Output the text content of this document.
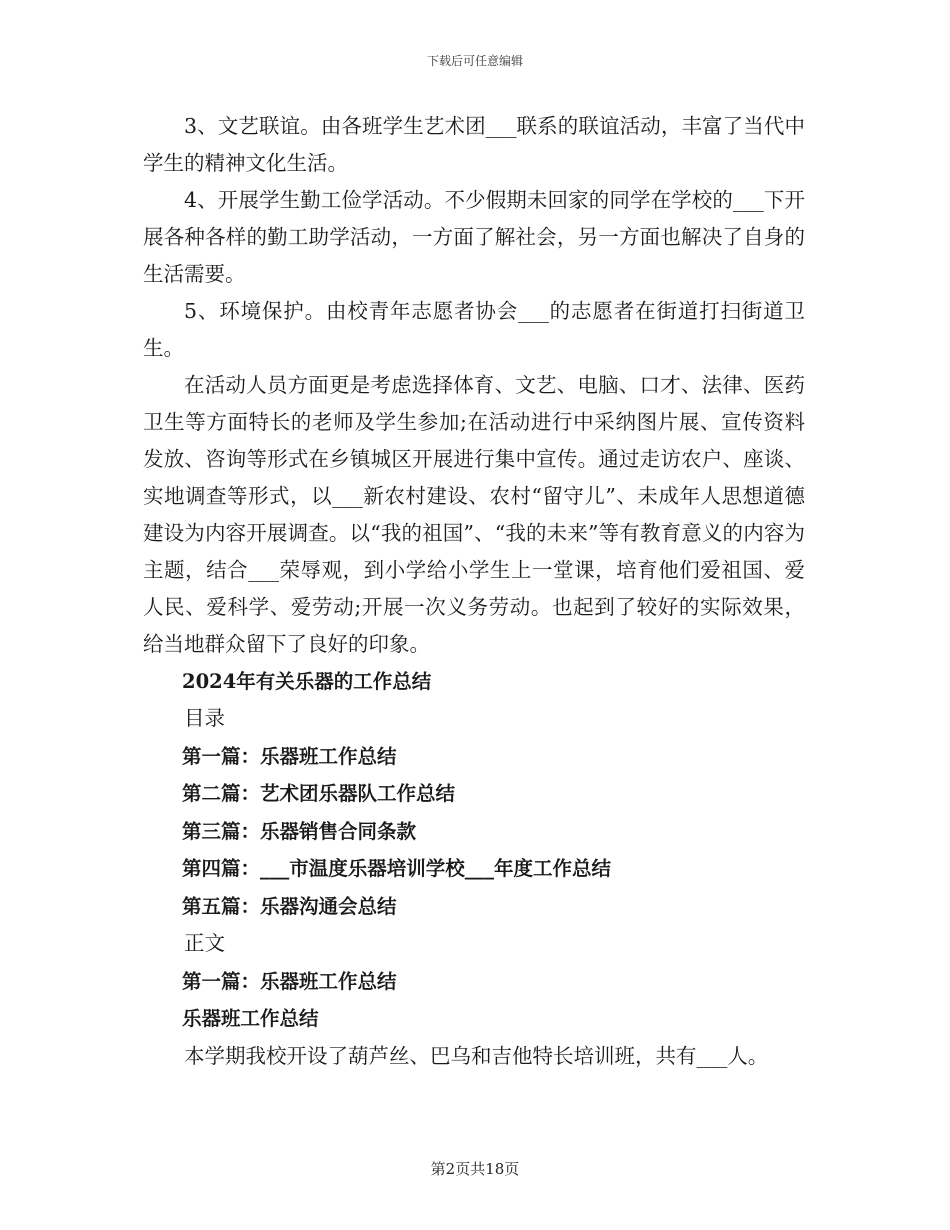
下载后可任意编辑

3、文艺联谊。由各班学生艺术团___联系的联谊活动，丰富了当代中学生的精神文化生活。

4、开展学生勤工俭学活动。不少假期未回家的同学在学校的___下开展各种各样的勤工助学活动，一方面了解社会，另一方面也解决了自身的生活需要。

5、环境保护。由校青年志愿者协会___的志愿者在街道打扫街道卫生。

在活动人员方面更是考虑选择体育、文艺、电脑、口才、法律、医药卫生等方面特长的老师及学生参加;在活动进行中采纳图片展、宣传资料发放、咨询等形式在乡镇城区开展进行集中宣传。通过走访农户、座谈、实地调查等形式，以___新农村建设、农村“留守儿”、未成年人思想道德建设为内容开展调查。以“我的祖国”、“我的未来”等有教育意义的内容为主题，结合___荣辱观，到小学给小学生上一堂课，培育他们爱祖国、爱人民、爱科学、爱劳动;开展一次义务劳动。也起到了较好的实际效果，给当地群众留下了良好的印象。

2024年有关乐器的工作总结

目录

第一篇：乐器班工作总结

第二篇：艺术团乐器队工作总结

第三篇：乐器销售合同条款

第四篇：___市温度乐器培训学校___年度工作总结

第五篇：乐器沟通会总结

正文

第一篇：乐器班工作总结

乐器班工作总结

本学期我校开设了葫芦丝、巴乌和吉他特长培训班，共有___人。

第2页共18页
